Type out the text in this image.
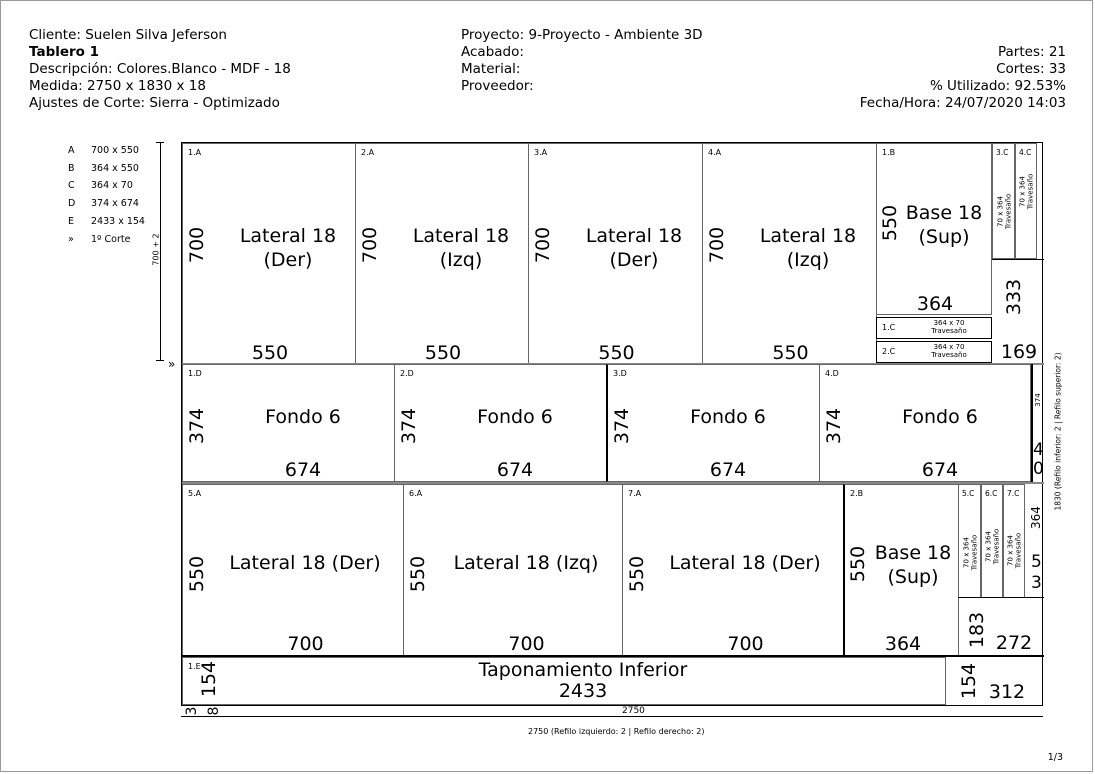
Cliente: Suelen Silva Jeferson
Tablero 1
Descripción: Colores.Blanco - MDF - 18
Medida: 2750 x 1830 x 18
Ajustes de Corte: Sierra - Optimizado
Proyecto: 9-Proyecto - Ambiente 3D
Acabado:
Material:
Proveedor:
Partes: 21
Cortes: 33
% Utilizado: 92.53%
Fecha/Hora: 24/07/2020 14:03
A	700 x 550
B	364 x 550
C	364 x 70
D	374 x 674
E	2433 x 154
»	1º Corte	700 + 2
»
1.A
Lateral 18
(Der)
700
550
2.A
Lateral 18
(Izq)
700
550
3.A
Lateral 18
(Der)
700
550
4.A
Lateral 18
(Izq)
700
550
1.B
Base 18
(Sup)
550
364
1.C	364 x 70
Travesaño
2.C	364 x 70
Travesaño
3.C
70 x 364
Travesaño
4.C
70 x 364
Travesaño
333
169
1.D
Fondo 6
374
674
2.D
Fondo 6
374
674
3.D
Fondo 6
374
674
4.D
Fondo 6
374
674
374
4
0
5.A
Lateral 18 (Der)
550
700
6.A
Lateral 18 (Izq)
550
700
7.A
Lateral 18 (Der)
550
700
2.B
Base 18
(Sup)
550
364
5.C
70 x 364
Travesaño
6.C
70 x 364
Travesaño
7.C
70 x 364
Travesaño
364
5
3
183 272
1.E	Taponamiento Inferior
2433
154	154 312
3 8	2750
1830 (Refilo inferior: 2 | Refilo superior: 2)
2750 (Refilo izquierdo: 2 | Refilo derecho: 2)
1/3
